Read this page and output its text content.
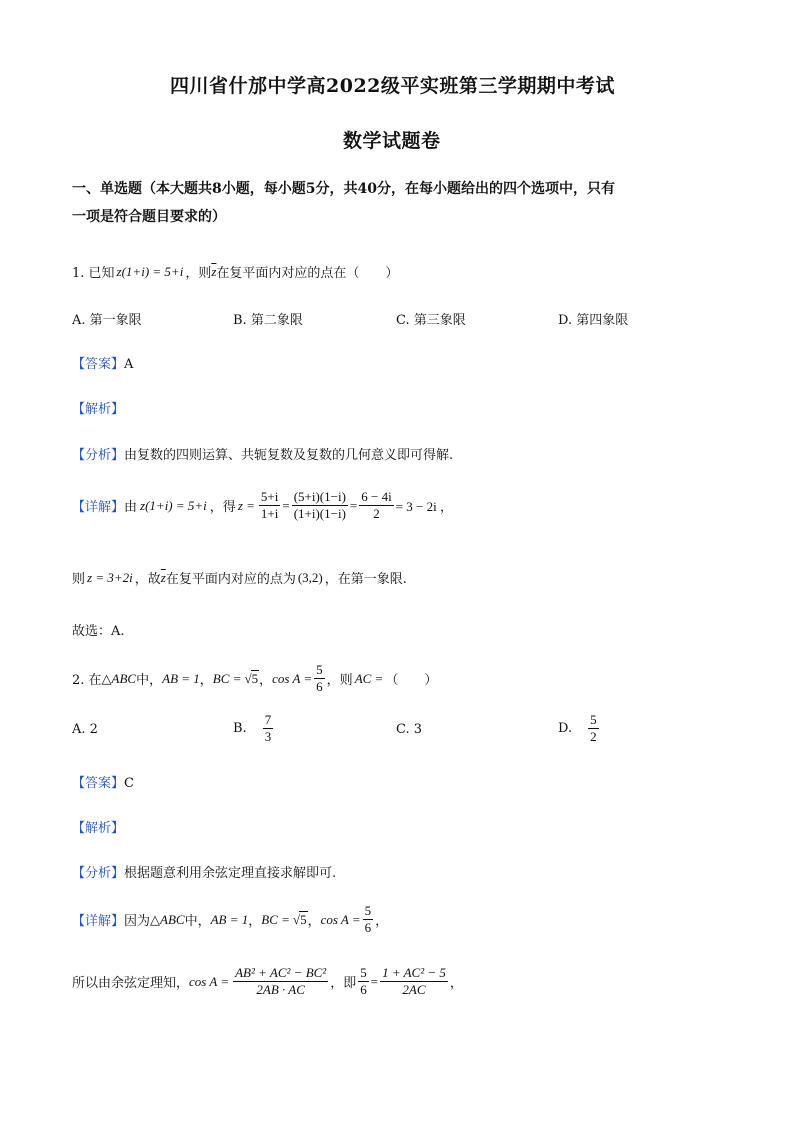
四川省什邡中学高2022级平实班第三学期期中考试
数学试题卷
一、单选题（本大题共8小题，每小题5分，共40分，在每小题给出的四个选项中，只有
一项是符合题目要求的）
1. 已知 z(1+i) = 5+i ，则 $\overline{z}$ 在复平面内对应的点在（　　）
A. 第一象限	B. 第二象限	C. 第三象限	D. 第四象限
【答案】A
【解析】
【分析】由复数的四则运算、共轭复数及复数的几何意义即可得解.
【详解】 由 z(1+i) = 5+i ，得 $z = \frac{5+i}{1+i} = \frac{(5+i)(1-i)}{(1+i)(1-i)} = \frac{6 - 4i}{2} = 3 - 2i$ ，
则 z = 3+2i ，故 $\overline{z}$ 在复平面内对应的点为 (3,2) ，在第一象限.
故选：A.
2. 在 △ABC 中， AB = 1 ， BC = √ 5 ， $\cos A = \frac{5}{6}$ ，则 AC = （　　）
A. 2	B. $\frac{7}{3}$	C. 3	D. $\frac{5}{2}$
【答案】C
【解析】
【分析】根据题意利用余弦定理直接求解即可.
【详解】 因为 △ABC 中， AB = 1 ， BC = √ 5 ， $\cos A = \frac{5}{6}$ ，
所以由余弦定理知， $\cos A = \frac{\text{AB² + AC² − BC²}}{2AB \cdot AC}$ ，即 $\frac{5}{6} = \frac{\text{1 + AC² − 5}}{2AC}$ ，
